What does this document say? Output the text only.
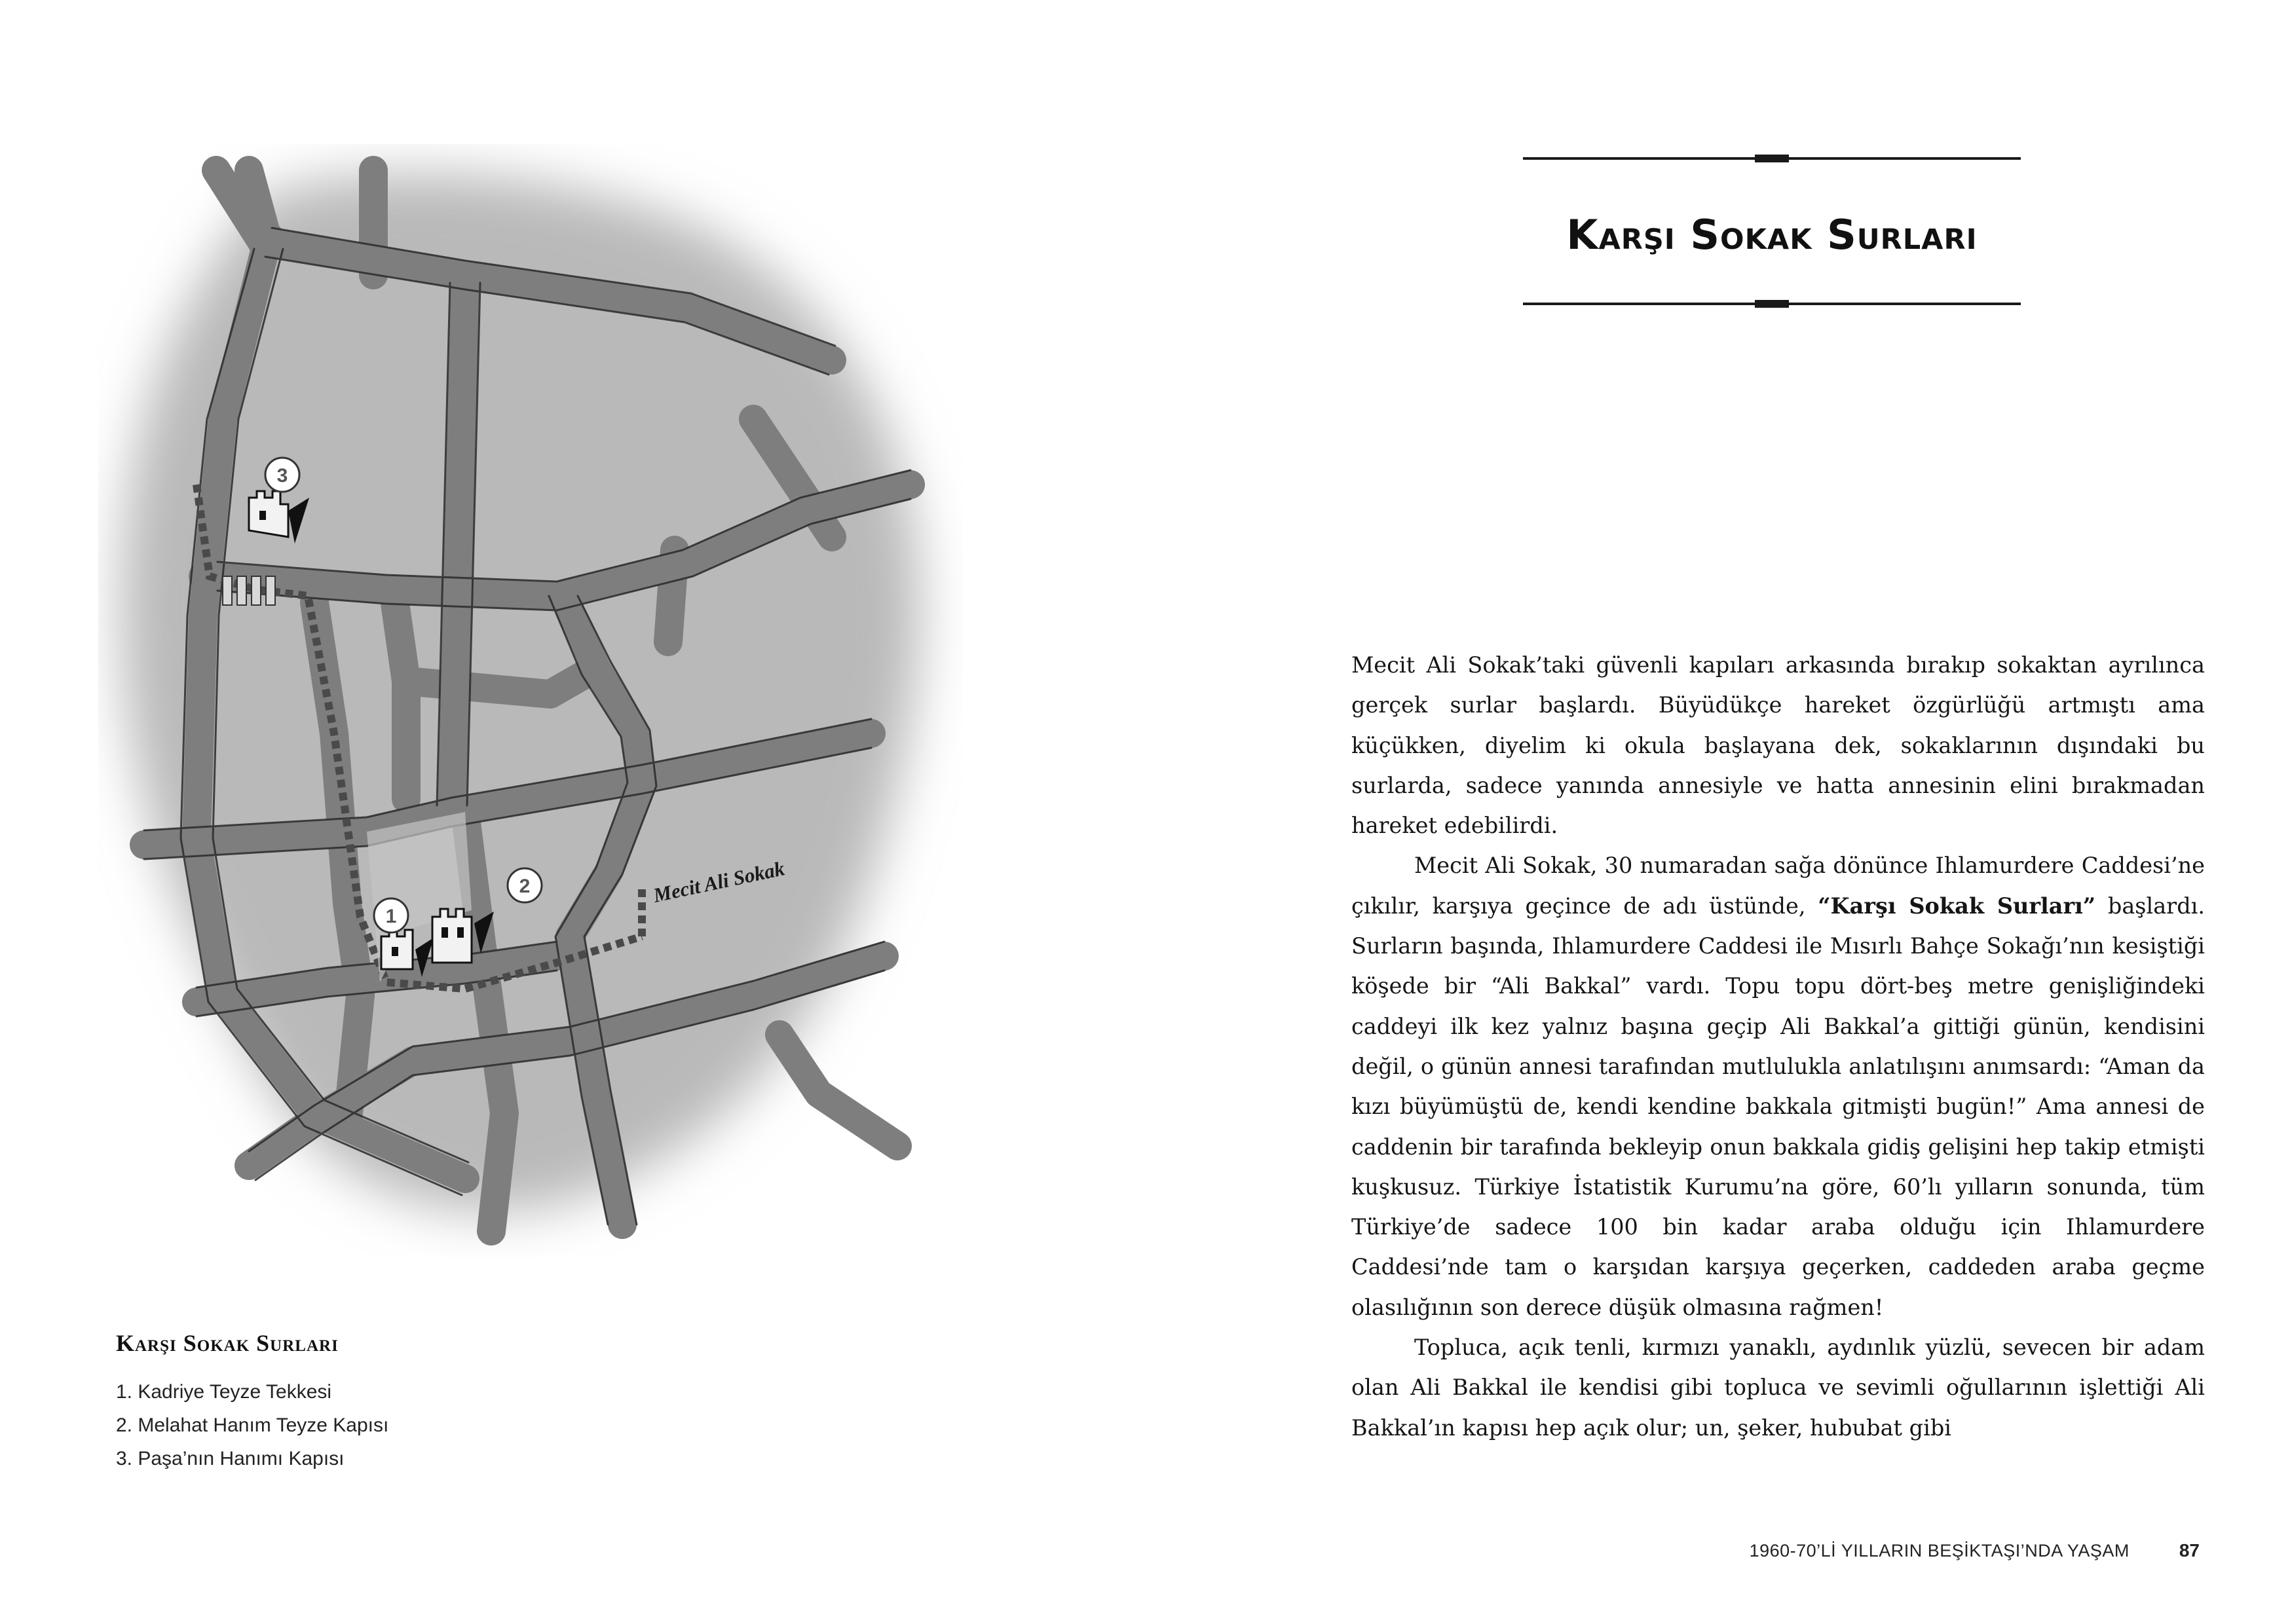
Mecit Ali Sokak
1
2
3
Karşı Sokak Surları
1. Kadriye Teyze Tekkesi
2. Melahat Hanım Teyze Kapısı
3. Paşa’nın Hanımı Kapısı
Karşı Sokak Surları

Mecit Ali Sokak’taki güvenli kapıları arkasında bırakıp sokaktan ayrılınca gerçek surlar başlardı. Büyüdükçe hareket özgürlüğü artmıştı ama küçükken, diyelim ki okula başlayana dek, sokaklarının dışındaki bu surlarda, sadece yanında annesiyle ve hatta annesinin elini bırakmadan hareket edebilirdi.

Mecit Ali Sokak, 30 numaradan sağa dönünce Ihlamurdere Caddesi’ne çıkılır, karşıya geçince de adı üstünde, “Karşı Sokak Surları” başlardı. Surların başında, Ihlamurdere Caddesi ile Mısırlı Bahçe Sokağı’nın kesiştiği köşede bir “Ali Bakkal” vardı. Topu topu dört-beş metre genişliğindeki caddeyi ilk kez yalnız başına geçip Ali Bakkal’a gittiği günün, kendisini değil, o günün annesi tarafından mutlulukla anlatılışını anımsardı: “Aman da kızı büyümüştü de, kendi kendine bakkala gitmişti bugün!” Ama annesi de caddenin bir tarafında bekleyip onun bakkala gidiş gelişini hep takip etmişti kuşkusuz. Türkiye İstatistik Kurumu’na göre, 60’lı yılların sonunda, tüm Türkiye’de sadece 100 bin kadar araba olduğu için Ihlamurdere Caddesi’nde tam o karşıdan karşıya geçerken, caddeden araba geçme olasılığının son derece düşük olmasına rağmen!

Topluca, açık tenli, kırmızı yanaklı, aydınlık yüzlü, sevecen bir adam olan Ali Bakkal ile kendisi gibi topluca ve sevimli oğullarının işlettiği Ali Bakkal’ın kapısı hep açık olur; un, şeker, hububat gibi

1960-70’Lİ YILLARIN BEŞİKTAŞI’NDA YAŞAM	87
